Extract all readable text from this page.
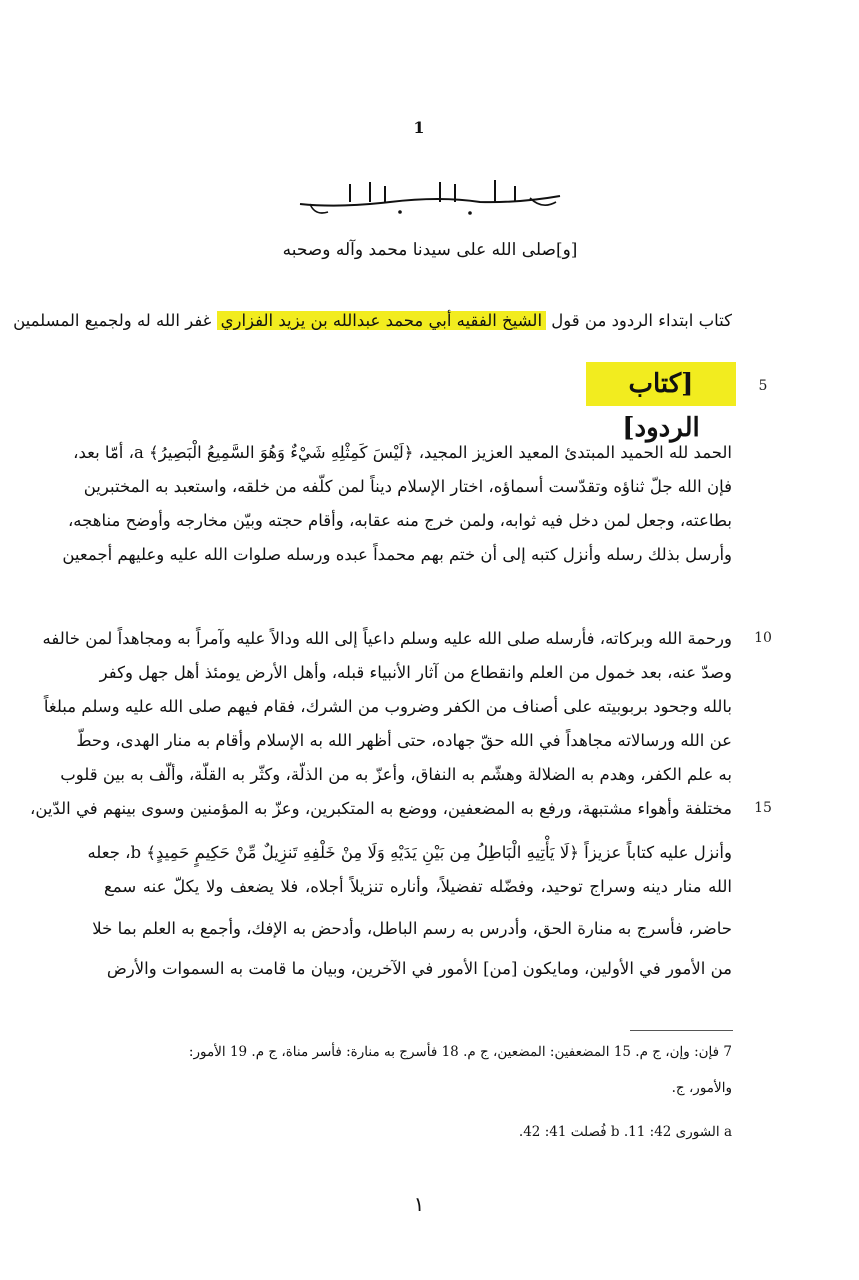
1
[و]صلى الله على سيدنا محمد وآله وصحبه
كتاب ابتداء الردود من قول الشيخ الفقيه أبي محمد عبدالله بن يزيد الفزاري غفر الله له ولجميع المسلمين
[كتاب الردود]
5
10
15
الحمد لله الحميد المبتدئ المعيد العزيز المجيد، ﴿لَيْسَ كَمِثْلِهِ شَيْءٌ وَهُوَ السَّمِيعُ الْبَصِيرُ﴾ a، أمّا بعد،
فإن الله جلّ ثناؤه وتقدّست أسماؤه، اختار الإسلام ديناً لمن كلّفه من خلقه، واستعبد به المختبرين
بطاعته، وجعل لمن دخل فيه ثوابه، ولمن خرج منه عقابه، وأقام حجته وبيّن مخارجه وأوضح مناهجه،
وأرسل بذلك رسله وأنزل كتبه إلى أن ختم بهم محمداً عبده ورسله صلوات الله عليه وعليهم أجمعين
ورحمة الله وبركاته، فأرسله صلى الله عليه وسلم داعياً إلى الله ودالاً عليه وآمراً به ومجاهداً لمن خالفه
وصدّ عنه، بعد خمول من العلم وانقطاع من آثار الأنبياء قبله، وأهل الأرض يومئذ أهل جهل وكفر
بالله وجحود بربوبيته على أصناف من الكفر وضروب من الشرك، فقام فيهم صلى الله عليه وسلم مبلغاً
عن الله ورسالاته مجاهداً في الله حقّ جهاده، حتى أظهر الله به الإسلام وأقام به منار الهدى، وحطّ
به علم الكفر، وهدم به الضلالة وهشّم به النفاق، وأعزّ به من الذلّة، وكثّر به القلّة، وألّف به بين قلوب
مختلفة وأهواء مشتبهة، ورفع به المضعفين، ووضع به المتكبرين، وعزّ به المؤمنين وسوى بينهم في الدّين،
وأنزل عليه كتاباً عزيزاً ﴿لَا يَأْتِيهِ الْبَاطِلُ مِن بَيْنِ يَدَيْهِ وَلَا مِنْ خَلْفِهِ تَنزِيلٌ مِّنْ حَكِيمٍ حَمِيدٍ﴾ b، جعله
الله منار دينه وسراج توحيد، وفضّله تفضيلاً، وأناره تنزيلاً أجلاه، فلا يضعف ولا يكلّ عنه سمع
حاضر، فأسرج به منارة الحق، وأدرس به رسم الباطل، وأدحض به الإفك، وأجمع به العلم بما خلا
من الأمور في الأولين، ومايكون [من] الأمور في الآخرين، وبيان ما قامت به السموات والأرض
7 فإن: وإن، ج م. 15 المضعفين: المضعين، ج م. 18 فأسرج به منارة: فأسر مناة، ج م. 19 الأمور:
والأمور، ج.
a الشورى 42: 11. b فُصلت 41: 42.
١
